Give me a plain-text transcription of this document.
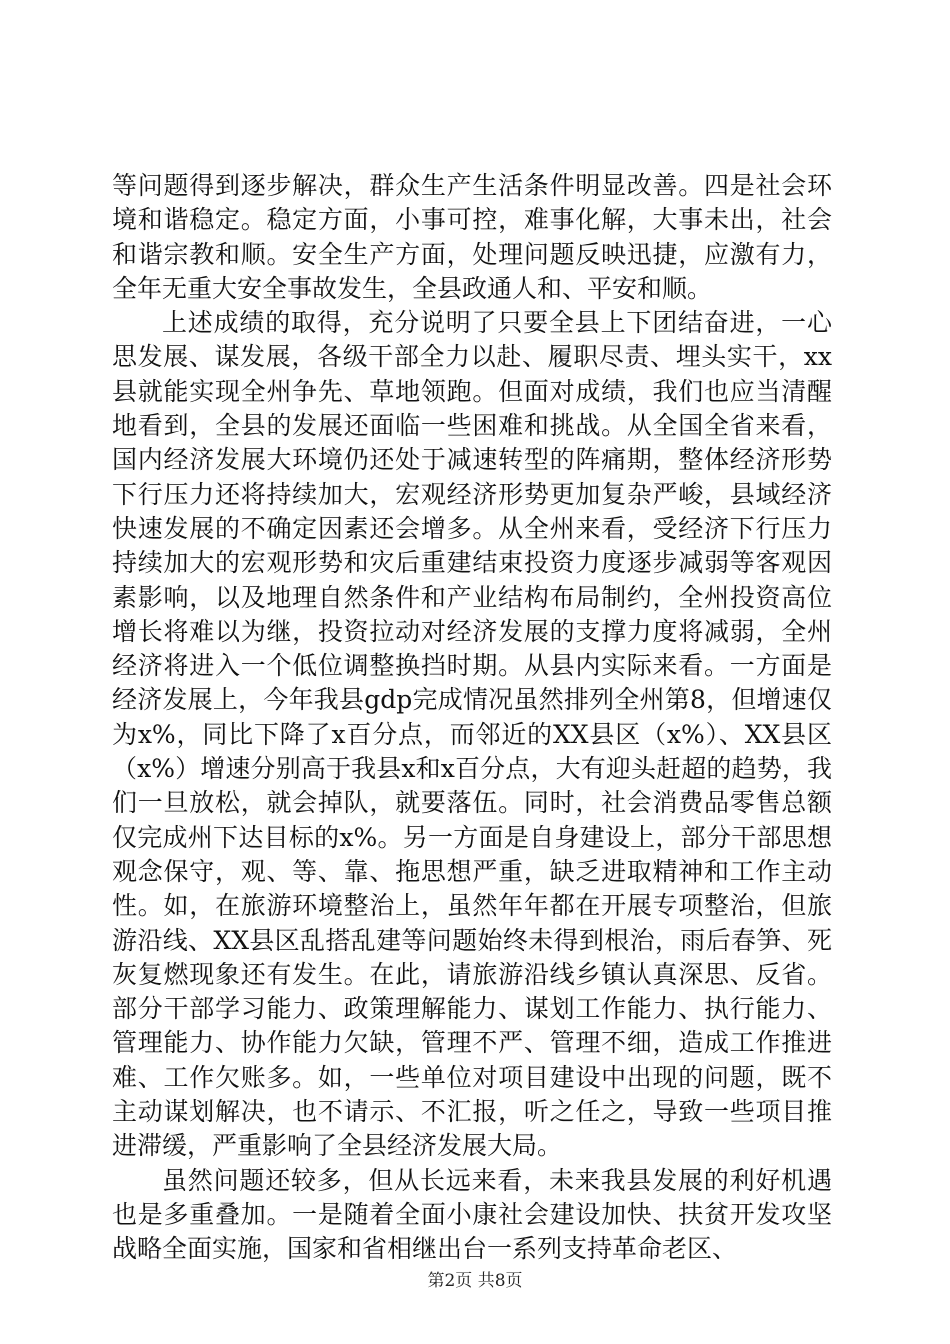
等问题得到逐步解决，群众生产生活条件明显改善。四是社会环境和谐稳定。稳定方面，小事可控，难事化解，大事未出，社会和谐宗教和顺。安全生产方面，处理问题反映迅捷，应激有力，全年无重大安全事故发生，全县政通人和、平安和顺。

上述成绩的取得，充分说明了只要全县上下团结奋进，一心思发展、谋发展，各级干部全力以赴、履职尽责、埋头实干，xx县就能实现全州争先、草地领跑。但面对成绩，我们也应当清醒地看到，全县的发展还面临一些困难和挑战。从全国全省来看，国内经济发展大环境仍还处于减速转型的阵痛期，整体经济形势下行压力还将持续加大，宏观经济形势更加复杂严峻，县域经济快速发展的不确定因素还会增多。从全州来看，受经济下行压力持续加大的宏观形势和灾后重建结束投资力度逐步减弱等客观因素影响，以及地理自然条件和产业结构布局制约，全州投资高位增长将难以为继，投资拉动对经济发展的支撑力度将减弱，全州经济将进入一个低位调整换挡时期。从县内实际来看。一方面是经济发展上，今年我县gdp完成情况虽然排列全州第8，但增速仅为x%，同比下降了x百分点，而邻近的XX县区（x%）、XX县区（x%）增速分别高于我县x和x百分点，大有迎头赶超的趋势，我们一旦放松，就会掉队，就要落伍。同时，社会消费品零售总额仅完成州下达目标的x%。另一方面是自身建设上，部分干部思想观念保守，观、等、靠、拖思想严重，缺乏进取精神和工作主动性。如，在旅游环境整治上，虽然年年都在开展专项整治，但旅游沿线、XX县区乱搭乱建等问题始终未得到根治，雨后春笋、死灰复燃现象还有发生。在此，请旅游沿线乡镇认真深思、反省。部分干部学习能力、政策理解能力、谋划工作能力、执行能力、管理能力、协作能力欠缺，管理不严、管理不细，造成工作推进难、工作欠账多。如，一些单位对项目建设中出现的问题，既不主动谋划解决，也不请示、不汇报，听之任之，导致一些项目推进滞缓，严重影响了全县经济发展大局。

虽然问题还较多，但从长远来看，未来我县发展的利好机遇也是多重叠加。一是随着全面小康社会建设加快、扶贫开发攻坚战略全面实施，国家和省相继出台一系列支持革命老区、

第2页 共8页
